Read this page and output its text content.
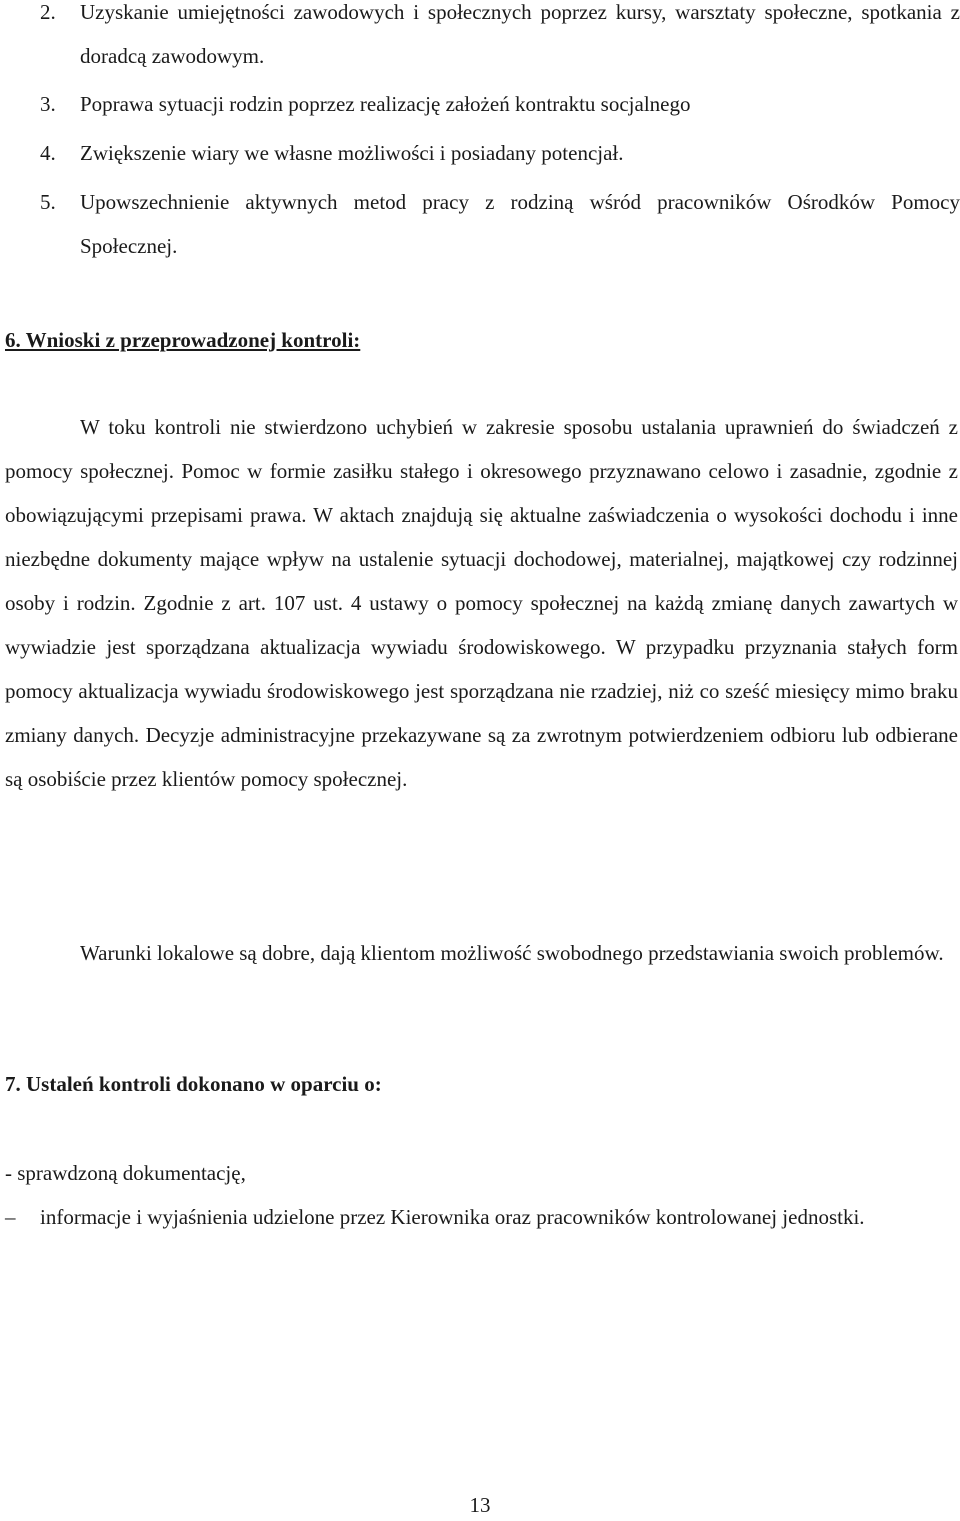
2. Uzyskanie umiejętności zawodowych i społecznych poprzez kursy, warsztaty społeczne, spotkania z doradcą zawodowym.
3. Poprawa sytuacji rodzin poprzez realizację założeń kontraktu socjalnego
4. Zwiększenie wiary we własne możliwości i posiadany potencjał.
5. Upowszechnienie aktywnych metod pracy z rodziną wśród pracowników Ośrodków Pomocy Społecznej.
6. Wnioski z przeprowadzonej kontroli:

W toku kontroli nie stwierdzono uchybień w zakresie sposobu ustalania uprawnień do świadczeń z pomocy społecznej. Pomoc w formie zasiłku stałego i okresowego przyznawano celowo i zasadnie, zgodnie z obowiązującymi przepisami prawa. W aktach znajdują się aktualne zaświadczenia o wysokości dochodu i inne niezbędne dokumenty mające wpływ na ustalenie sytuacji dochodowej, materialnej, majątkowej czy rodzinnej osoby i rodzin. Zgodnie z art. 107 ust. 4 ustawy o pomocy społecznej na każdą zmianę danych zawartych w wywiadzie jest sporządzana aktualizacja wywiadu środowiskowego. W przypadku przyznania stałych form pomocy aktualizacja wywiadu środowiskowego jest sporządzana nie rzadziej, niż co sześć miesięcy mimo braku zmiany danych. Decyzje administracyjne przekazywane są za zwrotnym potwierdzeniem odbioru lub odbierane są osobiście przez klientów pomocy społecznej.

Warunki lokalowe są dobre, dają klientom możliwość swobodnego przedstawiania swoich problemów.

7. Ustaleń kontroli dokonano w oparciu o:
- sprawdzoną dokumentację,
– informacje i wyjaśnienia udzielone przez Kierownika oraz pracowników kontrolowanej jednostki.
13
